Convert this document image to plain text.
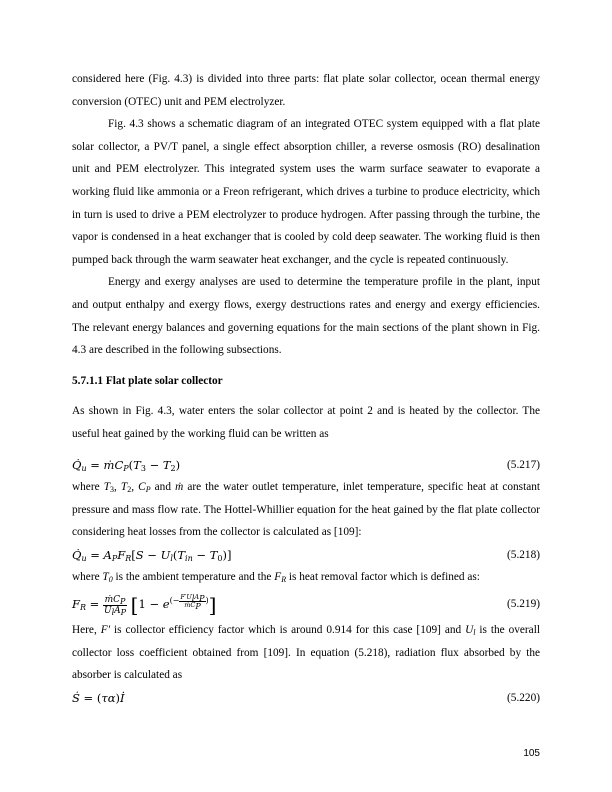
considered here (Fig. 4.3) is divided into three parts: flat plate solar collector, ocean thermal energy conversion (OTEC) unit and PEM electrolyzer.

Fig. 4.3 shows a schematic diagram of an integrated OTEC system equipped with a flat plate solar collector, a PV/T panel, a single effect absorption chiller, a reverse osmosis (RO) desalination unit and PEM electrolyzer. This integrated system uses the warm surface seawater to evaporate a working fluid like ammonia or a Freon refrigerant, which drives a turbine to produce electricity, which in turn is used to drive a PEM electrolyzer to produce hydrogen. After passing through the turbine, the vapor is condensed in a heat exchanger that is cooled by cold deep seawater. The working fluid is then pumped back through the warm seawater heat exchanger, and the cycle is repeated continuously.

Energy and exergy analyses are used to determine the temperature profile in the plant, input and output enthalpy and exergy flows, exergy destructions rates and energy and exergy efficiencies. The relevant energy balances and governing equations for the main sections of the plant shown in Fig. 4.3 are described in the following subsections.

5.7.1.1 Flat plate solar collector

As shown in Fig. 4.3, water enters the solar collector at point 2 and is heated by the collector. The useful heat gained by the working fluid can be written as

$Q̇_u$ = $ṁC_P(T_3 - T_2)$	(5.217)

where $T_3$, $T_2$, $C_P$ and ṁ are the water outlet temperature, inlet temperature, specific heat at constant pressure and mass flow rate. The Hottel-Whillier equation for the heat gained by the flat plate collector considering heat losses from the collector is calculated as [109]:

$Q̇_u = A_PF_R[S - U_l(T_{in} - T_0)]$	(5.218)

where $T_0$ is the ambient temperature and the $F_R$ is heat removal factor which is defined as:

$F_R = \frac{ṁC_P}{U_lA_P} [1 - e^{(- \frac{F'U_lA_P}{ṁC_P} )}]$	(5.219)

Here, F′ is collector efficiency factor which is around 0.914 for this case [109] and $U_l$ is the overall collector loss coefficient obtained from [109]. In equation (5.218), radiation flux absorbed by the absorber is calculated as

Ṡ = (τα)İ	(5.220)
105
